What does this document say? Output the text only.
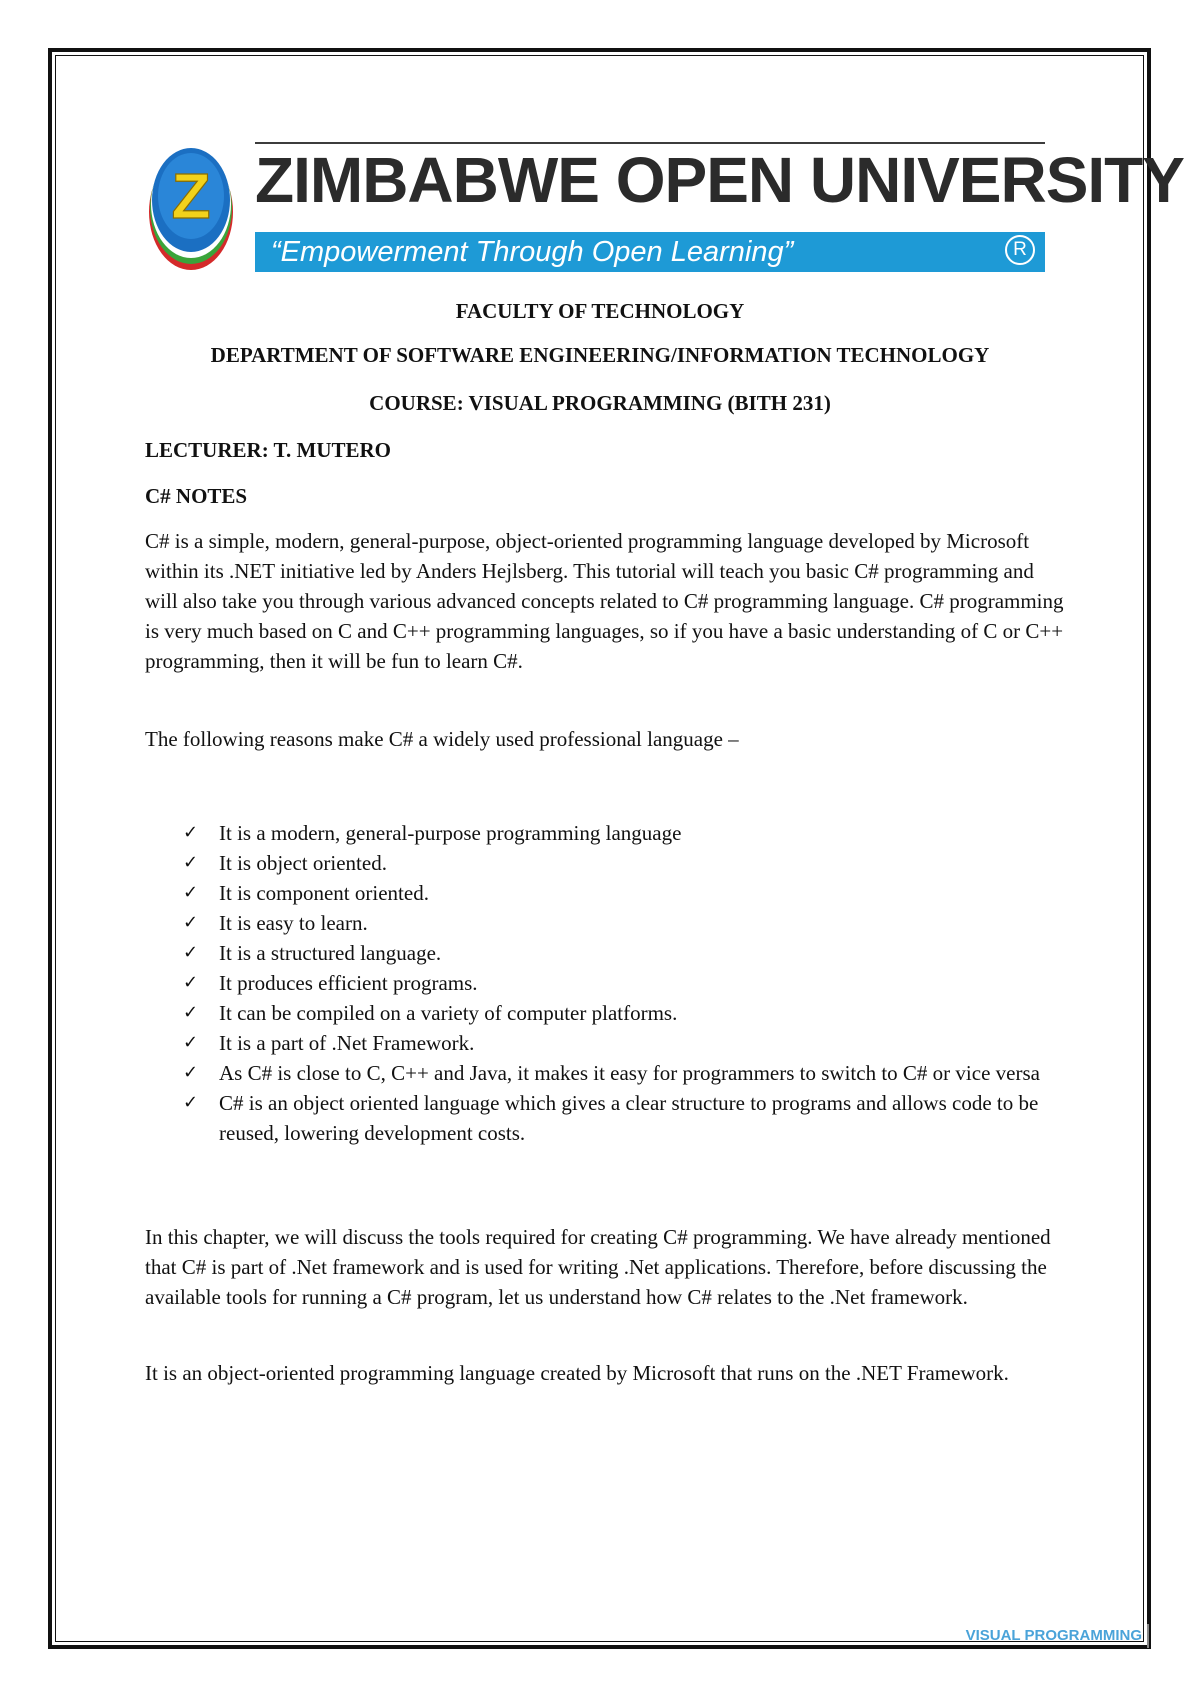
Z ZIMBABWE OPEN UNIVERSITY
“Empowerment Through Open Learning”	R
FACULTY OF TECHNOLOGY
DEPARTMENT OF SOFTWARE ENGINEERING/INFORMATION TECHNOLOGY
COURSE: VISUAL PROGRAMMING (BITH 231)
LECTURER: T. MUTERO
C# NOTES

C# is a simple, modern, general-purpose, object-oriented programming language developed by Microsoft within its .NET initiative led by Anders Hejlsberg. This tutorial will teach you basic C# programming and will also take you through various advanced concepts related to C# programming language. C# programming is very much based on C and C++ programming languages, so if you have a basic understanding of C or C++ programming, then it will be fun to learn C#.

The following reasons make C# a widely used professional language –

✓ It is a modern, general-purpose programming language
✓ It is object oriented.
✓ It is component oriented.
✓ It is easy to learn.
✓ It is a structured language.
✓ It produces efficient programs.
✓ It can be compiled on a variety of computer platforms.
✓ It is a part of .Net Framework.
✓ As C# is close to C, C++ and Java, it makes it easy for programmers to switch to C# or vice versa
✓ C# is an object oriented language which gives a clear structure to programs and allows code to be reused, lowering development costs.

In this chapter, we will discuss the tools required for creating C# programming. We have already mentioned that C# is part of .Net framework and is used for writing .Net applications. Therefore, before discussing the available tools for running a C# program, let us understand how C# relates to the .Net framework.

It is an object-oriented programming language created by Microsoft that runs on the .NET Framework.

VISUAL PROGRAMMING
